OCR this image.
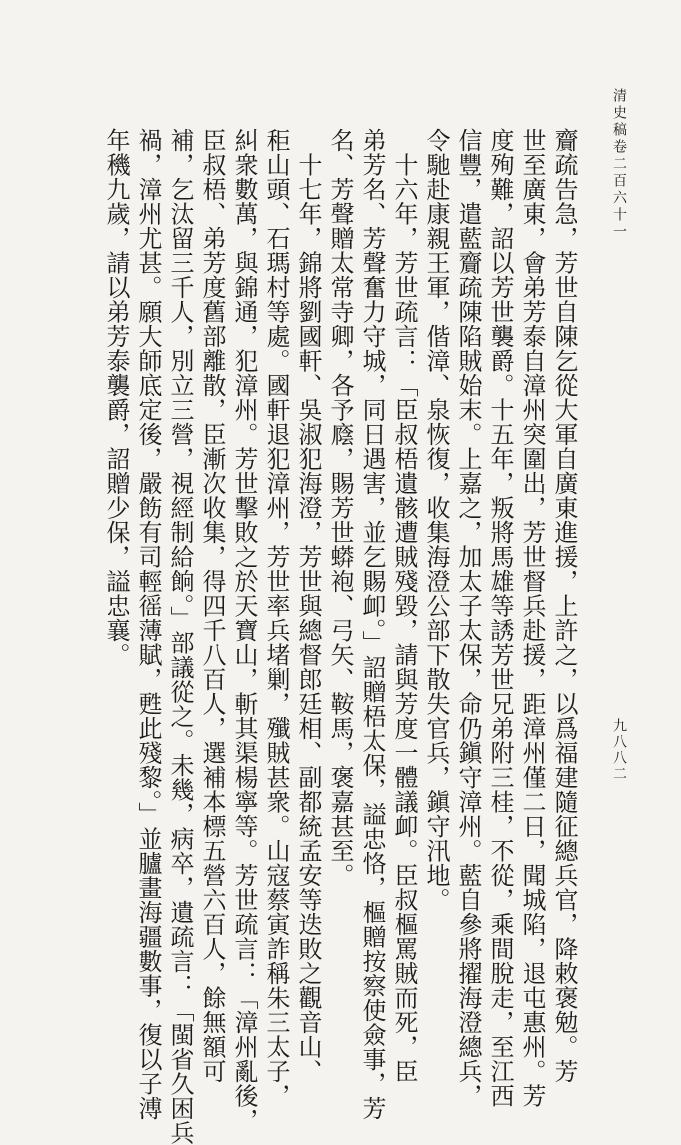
清史稿卷二百六十一
九八八二
齎疏告急，芳世自陳乞從大軍自廣東進援，上許之，以爲福建隨征總兵官，降敕褒勉。芳
世至廣東，會弟芳泰自漳州突圍出，芳世督兵赴援，距漳州僅二日，聞城陷，退屯惠州。芳
度殉難，詔以芳世襲爵。十五年，叛將馬雄等誘芳世兄弟附三桂，不從，乘間脫走，至江西
信豐，遣藍齎疏陳陷賊始末。上嘉之，加太子太保，命仍鎭守漳州。藍自參將擢海澄總兵，
令馳赴康親王軍，偕漳、泉恢復，收集海澄公部下散失官兵，鎭守汛地。
　十六年，芳世疏言：「臣叔梧遺骸遭賊殘毀，請與芳度一體議卹。臣叔樞罵賊而死，臣
弟芳名、芳聲奮力守城，同日遇害，並乞賜卹。」詔贈梧太保，謚忠恪，樞贈按察使僉事，芳
名、芳聲贈太常寺卿，各予廕，賜芳世蟒袍、弓矢、鞍馬，褒嘉甚至。
　十七年，錦將劉國軒、吳淑犯海澄，芳世與總督郎廷相、副都統孟安等迭敗之觀音山、
秬山頭、石瑪村等處。國軒退犯漳州，芳世率兵堵剿，殲賊甚衆。山寇蔡寅詐稱朱三太子，
糾衆數萬，與錦通，犯漳州。芳世擊敗之於天寶山，斬其渠楊寧等。芳世疏言：「漳州亂後，
臣叔梧、弟芳度舊部離散，臣漸次收集，得四千八百人，選補本標五營六百人，餘無額可
補，乞汰留三千人，別立三營，視經制給餉。」部議從之。未幾，病卒，遺疏言：「閩省久困兵
禍，漳州尤甚。願大師底定後，嚴飭有司輕徭薄賦，甦此殘黎。」並臚畫海疆數事，復以子溥
年穖九歲，請以弟芳泰襲爵，詔贈少保，謚忠襄。
